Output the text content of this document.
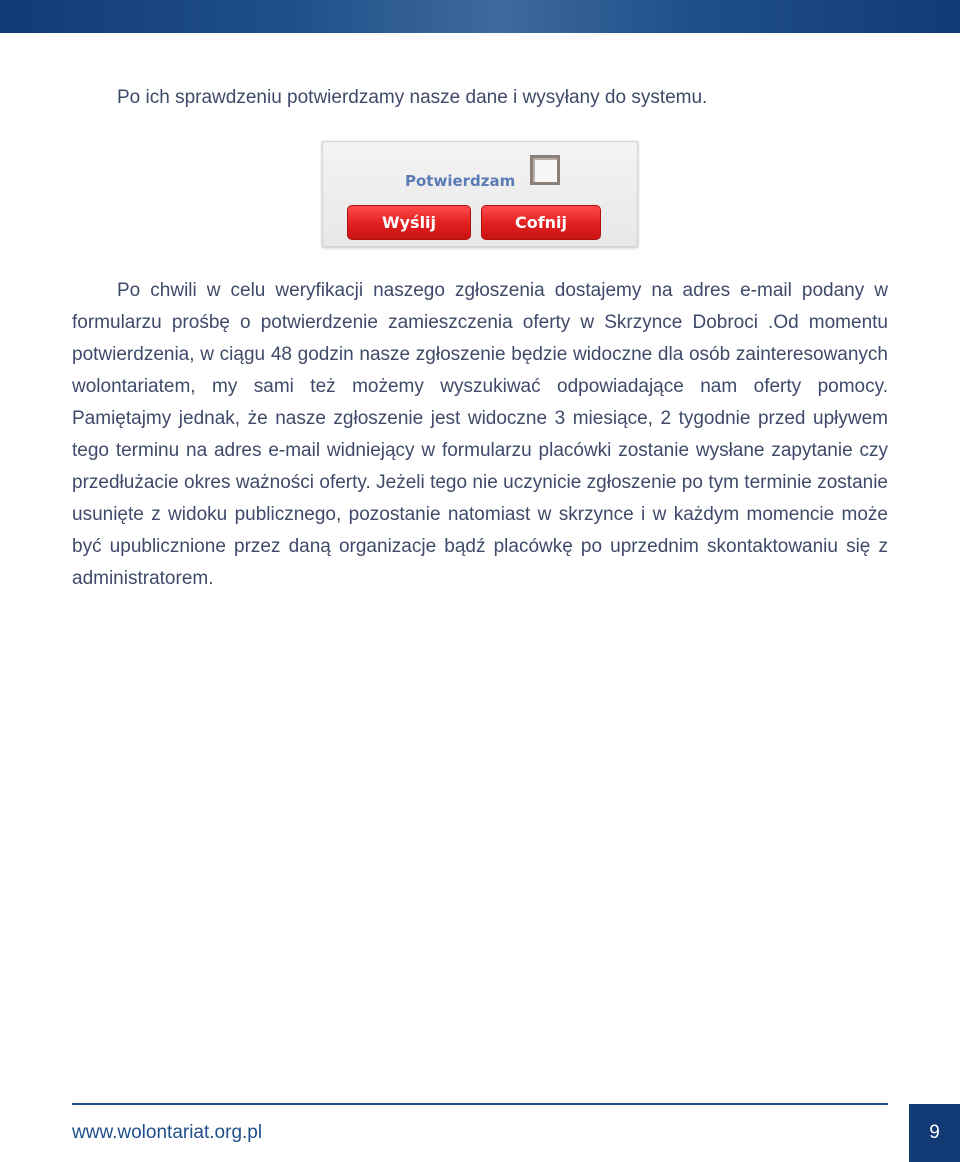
Po ich sprawdzeniu potwierdzamy nasze dane i wysyłany do systemu.

Potwierdzam
Wyślij	Cofnij

Po chwili w celu weryfikacji naszego zgłoszenia dostajemy na adres e-mail podany w formularzu prośbę o potwierdzenie zamieszczenia oferty w Skrzynce Dobroci .Od momentu potwierdzenia, w ciągu 48 godzin nasze zgłoszenie będzie widoczne dla osób zainteresowanych wolontariatem, my sami też możemy wyszukiwać odpowiadające nam oferty pomocy. Pamiętajmy jednak, że nasze zgłoszenie jest widoczne 3 miesiące, 2 tygodnie przed upływem tego terminu na adres e-mail widniejący w formularzu placówki zostanie wysłane zapytanie czy przedłużacie okres ważności oferty. Jeżeli tego nie uczynicie zgłoszenie po tym terminie zostanie usunięte z widoku publicznego, pozostanie natomiast w skrzynce i w każdym momencie może być upublicznione przez daną organizacje bądź placówkę po uprzednim skontaktowaniu się z administratorem.

www.wolontariat.org.pl	9
